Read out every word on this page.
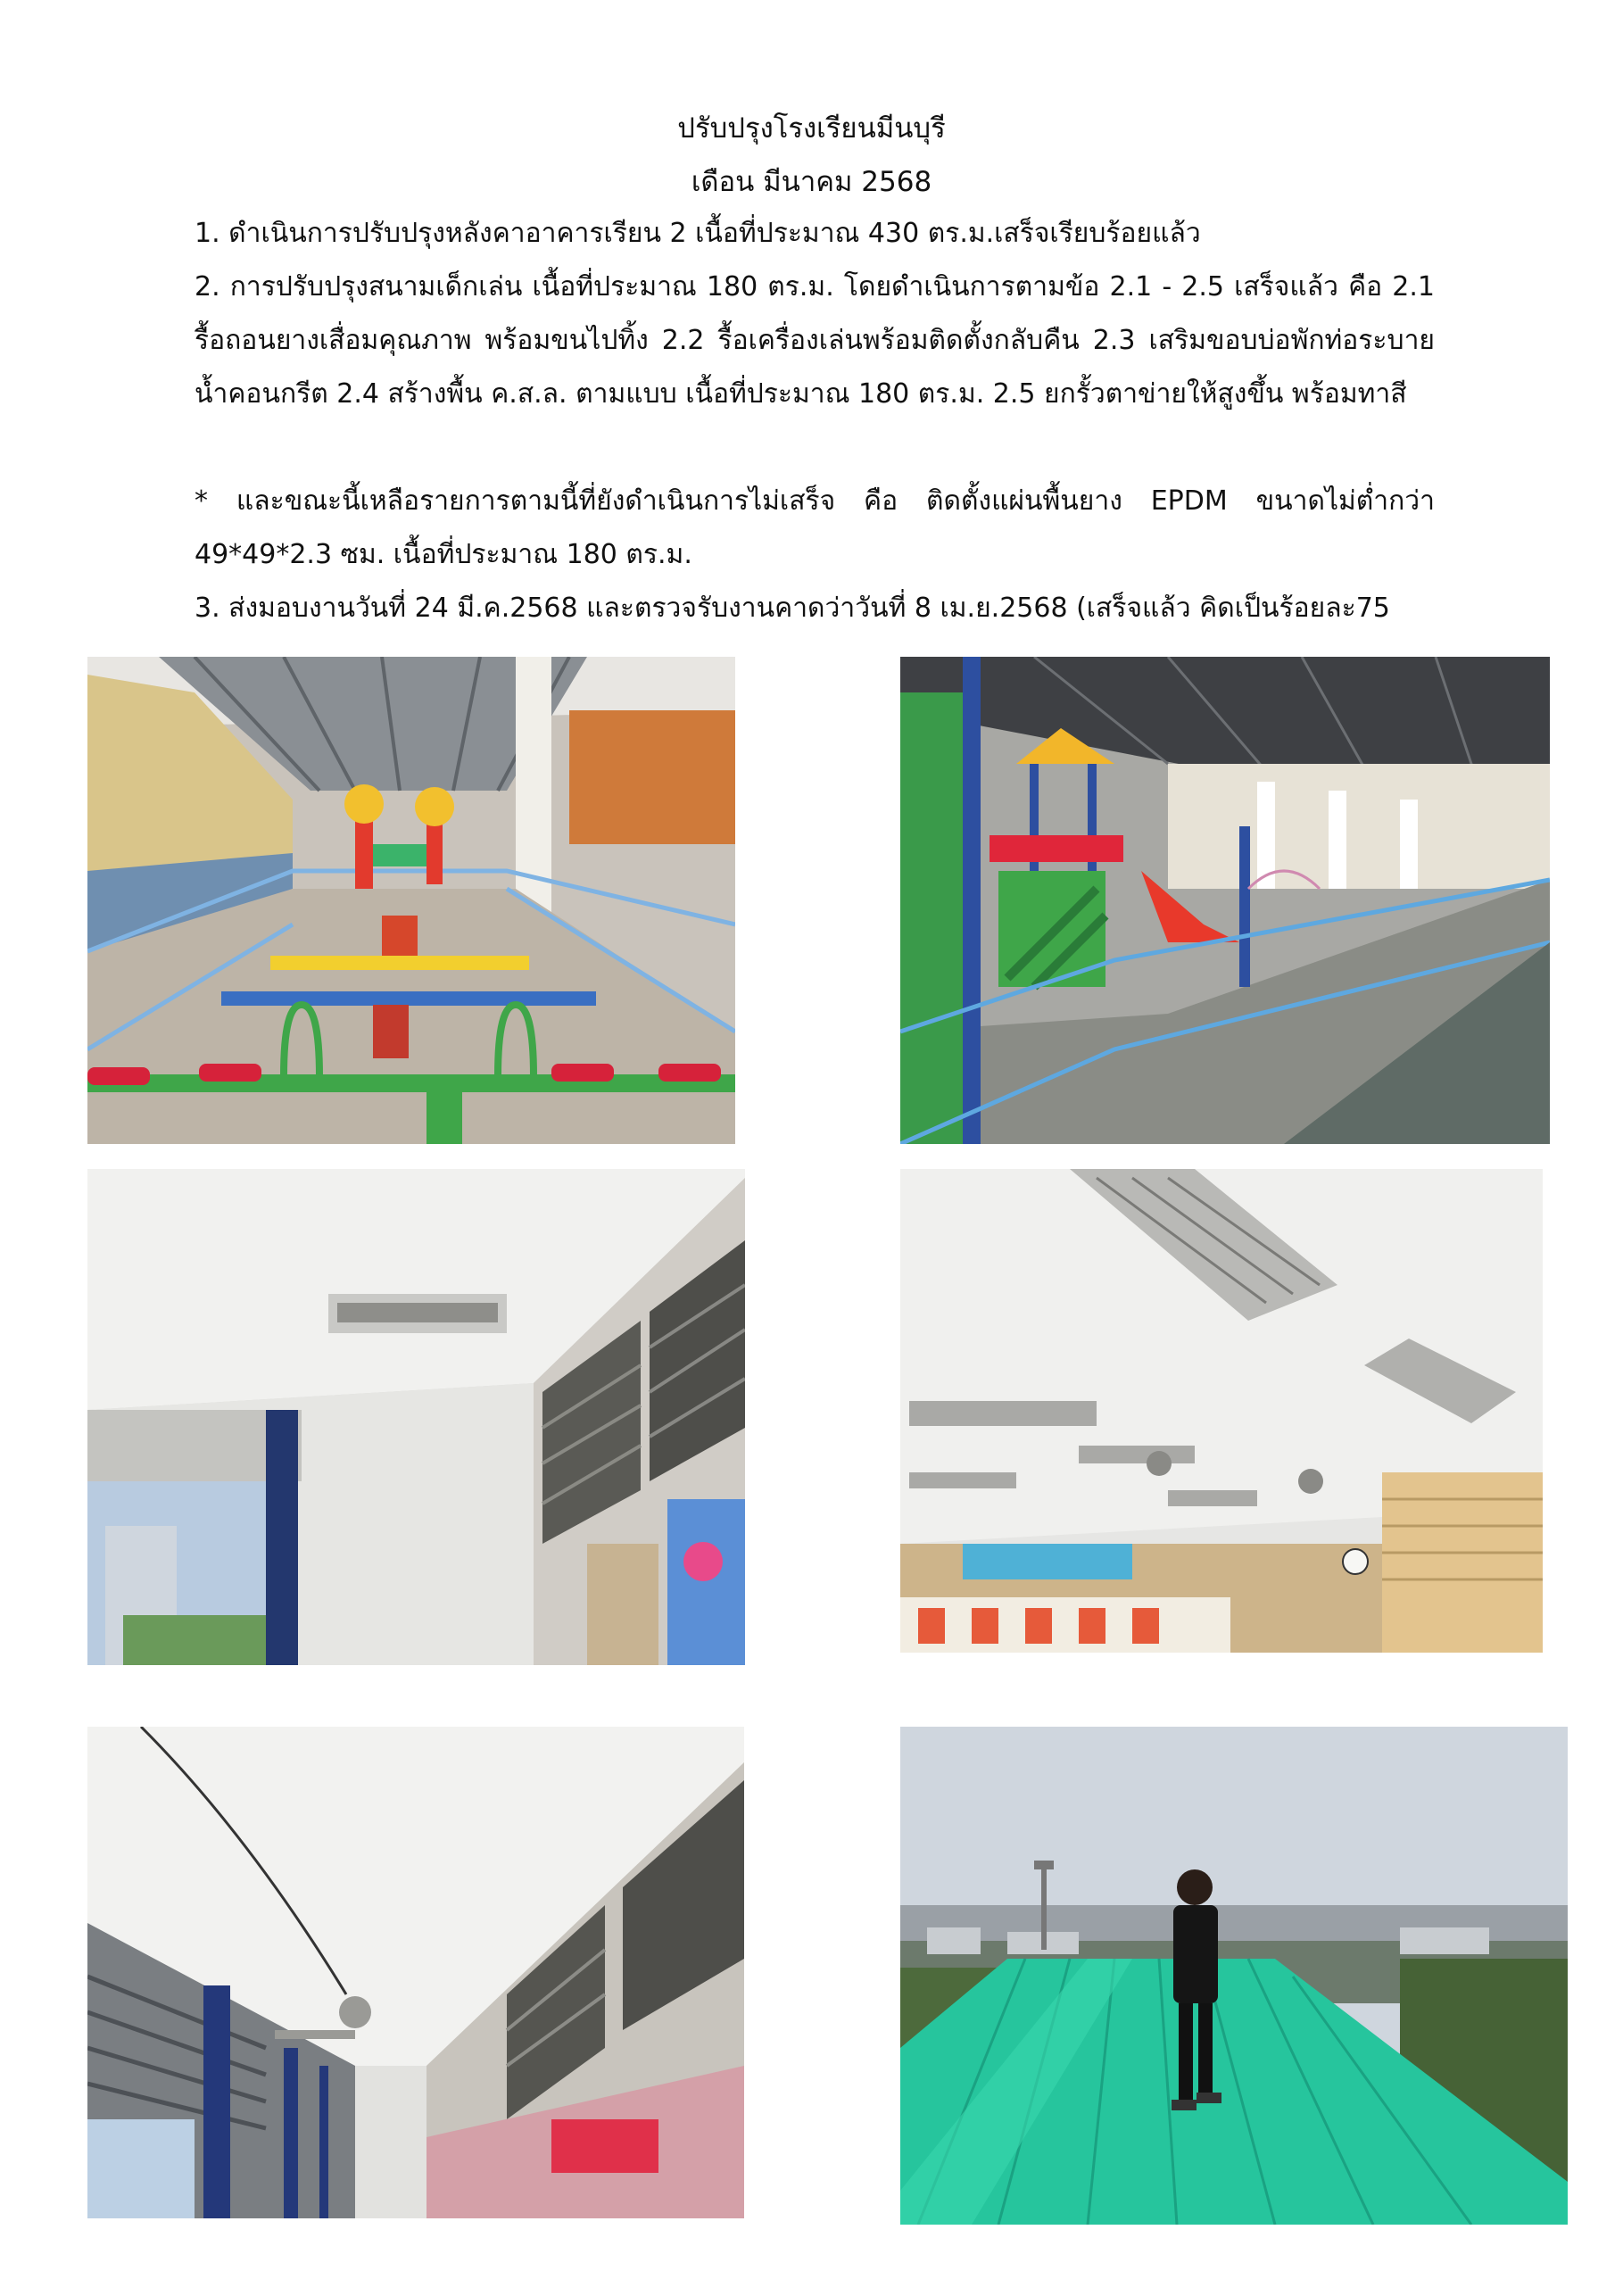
ปรับปรุงโรงเรียนมีนบุรี
เดือน มีนาคม 2568

1. ดำเนินการปรับปรุงหลังคาอาคารเรียน 2 เนื้อที่ประมาณ 430 ตร.ม.เสร็จเรียบร้อยแล้ว

2. การปรับปรุงสนามเด็กเล่น เนื้อที่ประมาณ 180 ตร.ม. โดยดำเนินการตามข้อ 2.1 - 2.5 เสร็จแล้ว คือ 2.1 รื้อถอนยางเสื่อมคุณภาพ พร้อมขนไปทิ้ง 2.2 รื้อเครื่องเล่นพร้อมติดตั้งกลับคืน 2.3 เสริมขอบบ่อพักท่อระบายน้ำคอนกรีต 2.4 สร้างพื้น ค.ส.ล. ตามแบบ เนื้อที่ประมาณ 180 ตร.ม. 2.5 ยกรั้วตาข่ายให้สูงขึ้น พร้อมทาสี

* และขณะนี้เหลือรายการตามนี้ที่ยังดำเนินการไม่เสร็จ คือ ติดตั้งแผ่นพื้นยาง EPDM ขนาดไม่ต่ำกว่า 49*49*2.3 ซม. เนื้อที่ประมาณ 180 ตร.ม.

3. ส่งมอบงานวันที่ 24 มี.ค.2568 และตรวจรับงานคาดว่าวันที่ 8 เม.ย.2568 (เสร็จแล้ว คิดเป็นร้อยละ75
